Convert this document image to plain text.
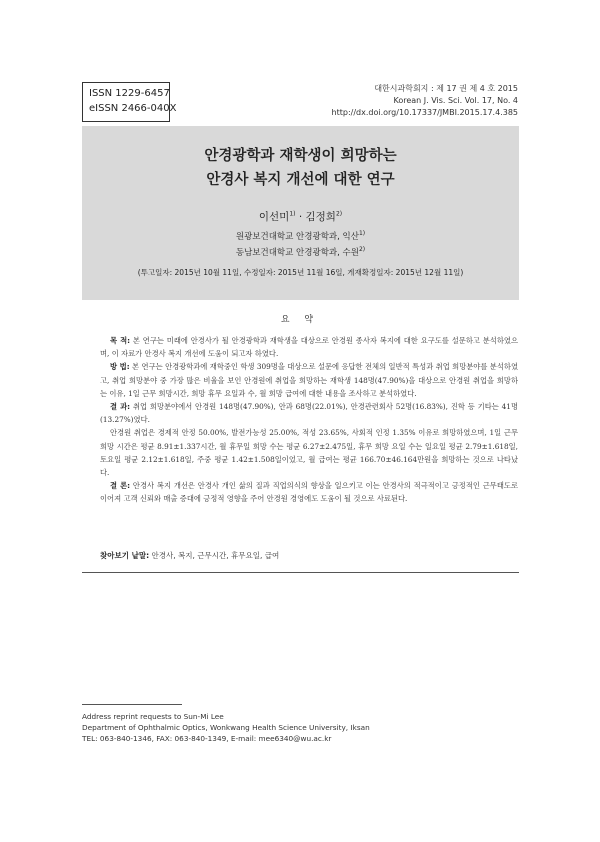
ISSN 1229-6457
eISSN 2466-040X
대한시과학회지 : 제 17 권 제 4 호 2015
Korean J. Vis. Sci. Vol. 17, No. 4
http://dx.doi.org/10.17337/JMBI.2015.17.4.385
안경광학과 재학생이 희망하는
안경사 복지 개선에 대한 연구
이선미$^{1)}$ · 김정희$^{2)}$
원광보건대학교 안경광학과, 익산$^{1)}$
동남보건대학교 안경광학과, 수원$^{2)}$
(투고일자: 2015년 10월 11일, 수정일자: 2015년 11월 16일, 게재확정일자: 2015년 12월 11일)
요 약

목 적: 본 연구는 미래에 안경사가 될 안경광학과 재학생을 대상으로 안경원 종사자 복지에 대한 요구도를 설문하고 분석하였으며, 이 자료가 안경사 복지 개선에 도움이 되고자 하였다.

방 법: 본 연구는 안경광학과에 재학중인 학생 309명을 대상으로 설문에 응답한 전체의 일반적 특성과 취업 희망분야를 분석하였고, 취업 희망분야 중 가장 많은 비율을 보인 안경원에 취업을 희망하는 재학생 148명(47.90%)을 대상으로 안경원 취업을 희망하는 이유, 1일 근무 희망시간, 희망 휴무 요일과 수, 월 희망 급여에 대한 내용을 조사하고 분석하였다.

결 과: 취업 희망분야에서 안경원 148명(47.90%), 안과 68명(22.01%), 안경관련회사 52명(16.83%), 진학 등 기타는 41명(13.27%)였다.

안경원 취업은 경제적 안정 50.00%, 발전가능성 25.00%, 적성 23.65%, 사회적 인정 1.35% 이유로 희망하였으며, 1일 근무 희망 시간은 평균 8.91±1.337시간, 월 휴무일 희망 수는 평균 6.27±2.475일, 휴무 희망 요일 수는 일요일 평균 2.79±1.618일, 토요일 평균 2.12±1.618일, 주중 평균 1.42±1.508일이었고, 월 급여는 평균 166.70±46.164만원을 희망하는 것으로 나타났다.

결 론: 안경사 복지 개선은 안경사 개인 삶의 질과 직업의식의 향상을 일으키고 이는 안경사의 적극적이고 긍정적인 근무태도로 이어져 고객 신뢰와 매출 증대에 긍정적 영향을 주어 안경원 경영에도 도움이 될 것으로 사료된다.

찾아보기 낱말: 안경사, 복지, 근무시간, 휴무요일, 급여
Address reprint requests to Sun-Mi Lee
Department of Ophthalmic Optics, Wonkwang Health Science University, Iksan
TEL: 063-840-1346, FAX: 063-840-1349, E-mail: mee6340@wu.ac.kr
